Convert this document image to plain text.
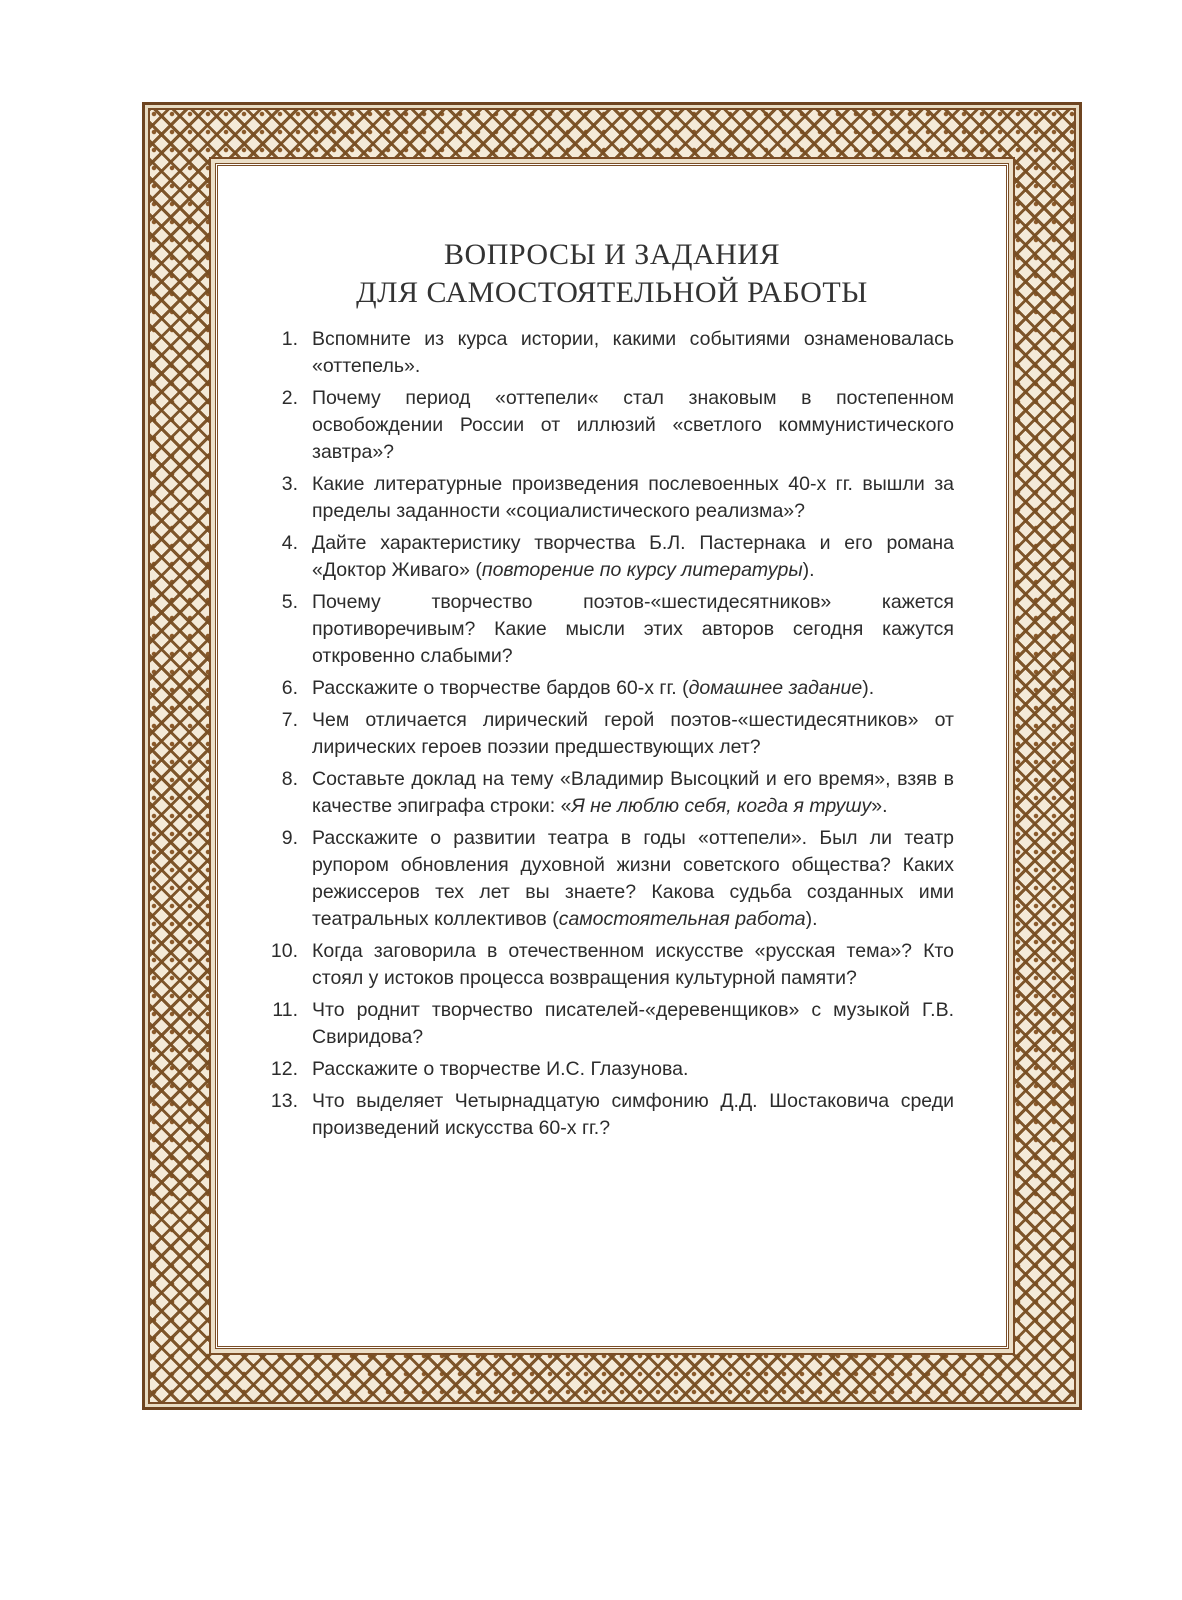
ВОПРОСЫ И ЗАДАНИЯ
ДЛЯ САМОСТОЯТЕЛЬНОЙ РАБОТЫ
1. Вспомните из курса истории, какими событиями ознаменовалась «оттепель».
2. Почему период «оттепели« стал знаковым в постепенном освобождении России от иллюзий «светлого коммунистического завтра»?
3. Какие литературные произведения послевоенных 40-х гг. вышли за пределы заданности «социалистического реализма»?
4. Дайте характеристику творчества Б.Л. Пастернака и его романа «Доктор Живаго» (повторение по курсу литературы).
5. Почему творчество поэтов-«шестидесятников» кажется противоречивым? Какие мысли этих авторов сегодня кажутся откровенно слабыми?
6. Расскажите о творчестве бардов 60-х гг. (домашнее задание).
7. Чем отличается лирический герой поэтов-«шестидесятников» от лирических героев поэзии предшествующих лет?
8. Составьте доклад на тему «Владимир Высоцкий и его время», взяв в качестве эпиграфа строки: «Я не люблю себя, когда я трушу».
9. Расскажите о развитии театра в годы «оттепели». Был ли театр рупором обновления духовной жизни советского общества? Каких режиссеров тех лет вы знаете? Какова судьба созданных ими театральных коллективов (самостоятельная работа).
10. Когда заговорила в отечественном искусстве «русская тема»? Кто стоял у истоков процесса возвращения культурной памяти?
11. Что роднит творчество писателей-«деревенщиков» с музыкой Г.В. Свиридова?
12. Расскажите о творчестве И.С. Глазунова.
13. Что выделяет Четырнадцатую симфонию Д.Д. Шостаковича среди произведений искусства 60-х гг.?
